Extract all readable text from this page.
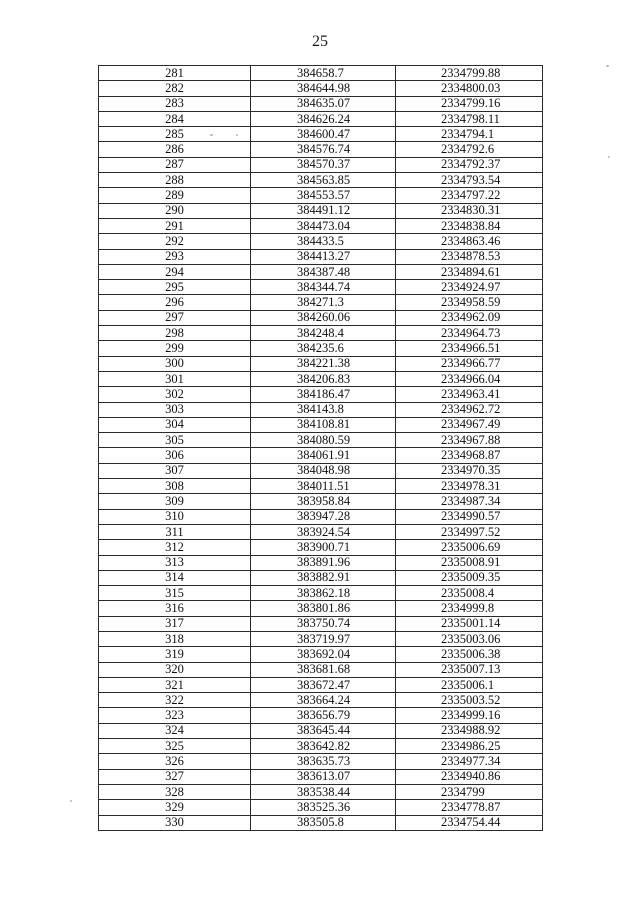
25
281	384658.7	2334799.88
282	384644.98	2334800.03
283	384635.07	2334799.16
284	384626.24	2334798.11
285	384600.47	2334794.1
286	384576.74	2334792.6
287	384570.37	2334792.37
288	384563.85	2334793.54
289	384553.57	2334797.22
290	384491.12	2334830.31
291	384473.04	2334838.84
292	384433.5	2334863.46
293	384413.27	2334878.53
294	384387.48	2334894.61
295	384344.74	2334924.97
296	384271.3	2334958.59
297	384260.06	2334962.09
298	384248.4	2334964.73
299	384235.6	2334966.51
300	384221.38	2334966.77
301	384206.83	2334966.04
302	384186.47	2334963.41
303	384143.8	2334962.72
304	384108.81	2334967.49
305	384080.59	2334967.88
306	384061.91	2334968.87
307	384048.98	2334970.35
308	384011.51	2334978.31
309	383958.84	2334987.34
310	383947.28	2334990.57
311	383924.54	2334997.52
312	383900.71	2335006.69
313	383891.96	2335008.91
314	383882.91	2335009.35
315	383862.18	2335008.4
316	383801.86	2334999.8
317	383750.74	2335001.14
318	383719.97	2335003.06
319	383692.04	2335006.38
320	383681.68	2335007.13
321	383672.47	2335006.1
322	383664.24	2335003.52
323	383656.79	2334999.16
324	383645.44	2334988.92
325	383642.82	2334986.25
326	383635.73	2334977.34
327	383613.07	2334940.86
328	383538.44	2334799
329	383525.36	2334778.87
330	383505.8	2334754.44
